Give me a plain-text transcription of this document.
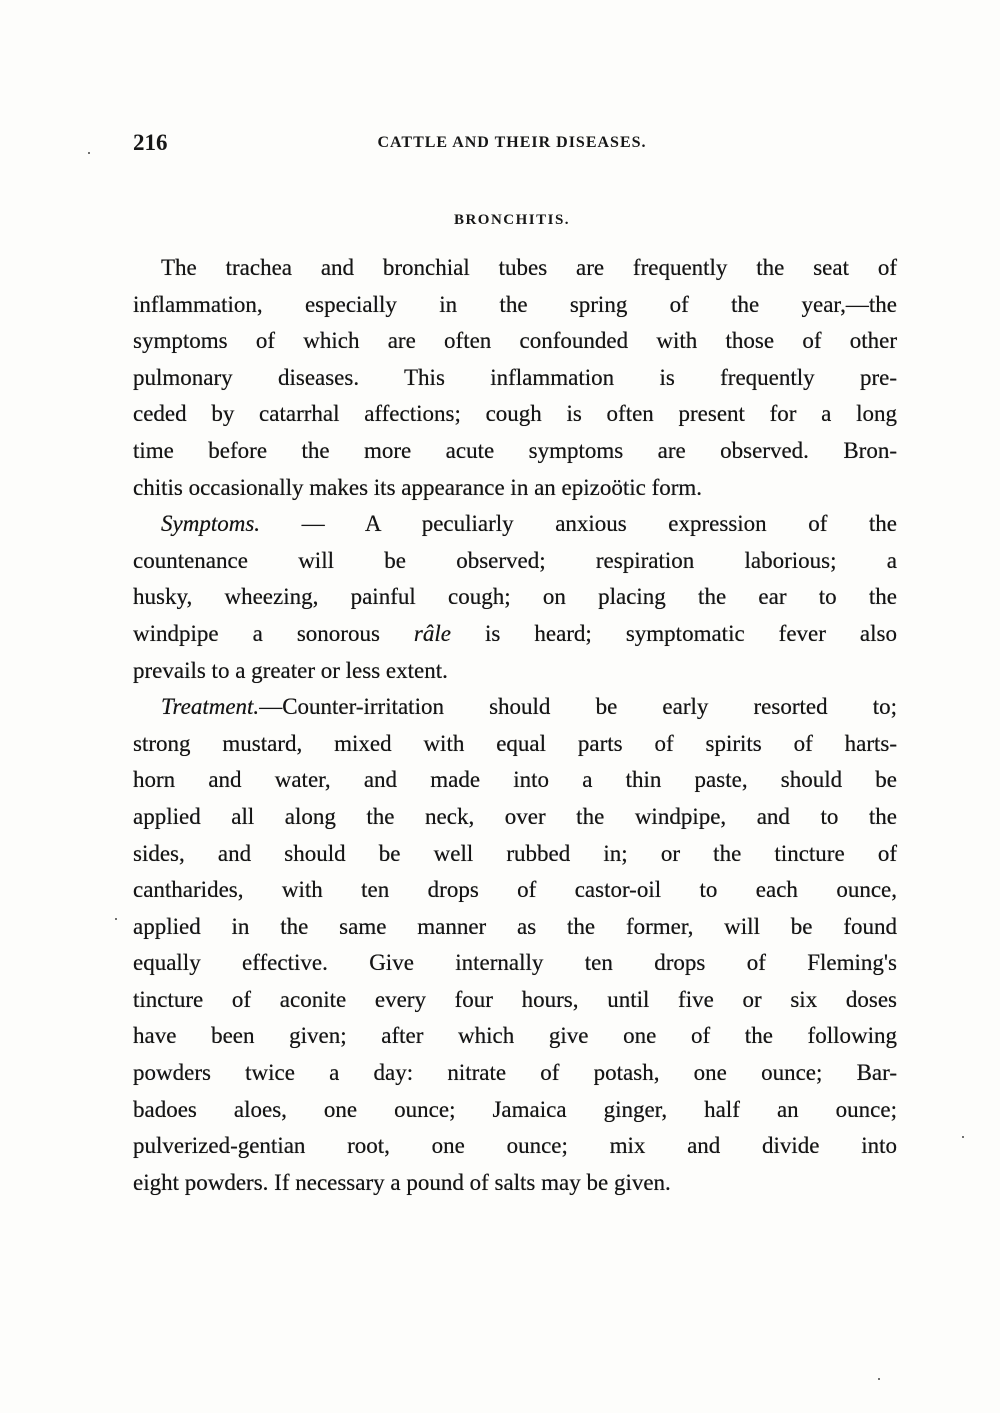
216	CATTLE AND THEIR DISEASES.
BRONCHITIS.
The trachea and bronchial tubes are frequently the seat of
inflammation, especially in the spring of the year,—the
symptoms of which are often confounded with those of other
pulmonary diseases. This inflammation is frequently pre-
ceded by catarrhal affections; cough is often present for a long
time before the more acute symptoms are observed. Bron-
chitis occasionally makes its appearance in an epizoötic form.
Symptoms. — A peculiarly anxious expression of the
countenance will be observed; respiration laborious; a
husky, wheezing, painful cough; on placing the ear to the
windpipe a sonorous râle is heard; symptomatic fever also
prevails to a greater or less extent.
Treatment.—Counter-irritation should be early resorted to;
strong mustard, mixed with equal parts of spirits of harts-
horn and water, and made into a thin paste, should be
applied all along the neck, over the windpipe, and to the
sides, and should be well rubbed in; or the tincture of
cantharides, with ten drops of castor-oil to each ounce,
applied in the same manner as the former, will be found
equally effective. Give internally ten drops of Fleming's
tincture of aconite every four hours, until five or six doses
have been given; after which give one of the following
powders twice a day: nitrate of potash, one ounce; Bar-
badoes aloes, one ounce; Jamaica ginger, half an ounce;
pulverized-gentian root, one ounce; mix and divide into
eight powders. If necessary a pound of salts may be given.
